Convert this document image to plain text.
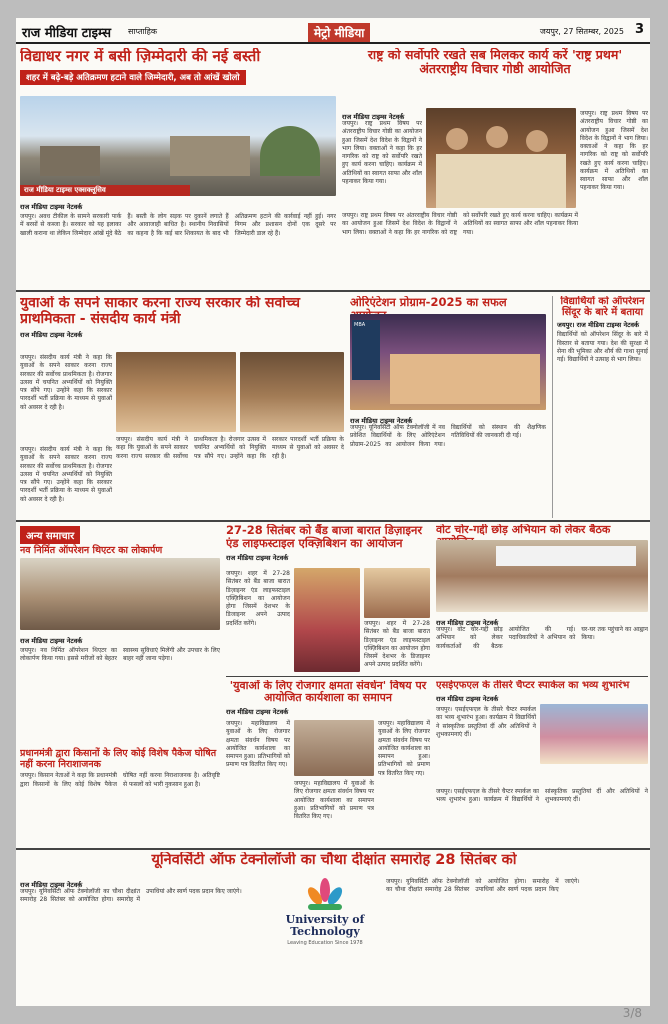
राज मीडिया टाइम्स साप्ताहिक	मेट्रो मीडिया	जयपुर, 27 सितम्बर, 2025 3
विद्याधर नगर में बसी ज़िम्मेदारी की नई बस्ती
शहर में बढ़े-बड़े अतिक्रमण हटाने वाले जिम्मेदारी, अब तो आंखें खोलो
राज मीडिया टाइम्स एक्सक्लूसिव
राज मीडिया टाइम्स नेटवर्क
जयपुर। अवध टीकील के सामने सरकारी पार्क में बरसों से कब्जा है। सरकार को यह इलाका खाली कराना था लेकिन जिम्मेदार आंखें मूंदे बैठे हैं। बस्ती के लोग सड़क पर दुकानें लगाते हैं और आवाजाही बाधित है। स्थानीय निवासियों का कहना है कि कई बार शिकायत के बाद भी अतिक्रमण हटाने की कार्रवाई नहीं हुई। नगर निगम और प्रशासन दोनों एक दूसरे पर जिम्मेदारी डाल रहे हैं।
राष्ट्र को सर्वोपरि रखते सब मिलकर कार्य करें 'राष्ट्र प्रथम' अंतरराष्ट्रीय विचार गोष्ठी आयोजित
राज मीडिया टाइम्स नेटवर्क
जयपुर। राष्ट्र प्रथम विषय पर अंतरराष्ट्रीय विचार गोष्ठी का आयोजन हुआ जिसमें देश विदेश के विद्वानों ने भाग लिया। वक्ताओं ने कहा कि हर नागरिक को राष्ट्र को सर्वोपरि रखते हुए कार्य करना चाहिए। कार्यक्रम में अतिथियों का स्वागत साफा और शॉल पहनाकर किया गया।
जयपुर। राष्ट्र प्रथम विषय पर अंतरराष्ट्रीय विचार गोष्ठी का आयोजन हुआ जिसमें देश विदेश के विद्वानों ने भाग लिया। वक्ताओं ने कहा कि हर नागरिक को राष्ट्र को सर्वोपरि रखते हुए कार्य करना चाहिए। कार्यक्रम में अतिथियों का स्वागत साफा और शॉल पहनाकर किया गया।
जयपुर। राष्ट्र प्रथम विषय पर अंतरराष्ट्रीय विचार गोष्ठी का आयोजन हुआ जिसमें देश विदेश के विद्वानों ने भाग लिया। वक्ताओं ने कहा कि हर नागरिक को राष्ट्र को सर्वोपरि रखते हुए कार्य करना चाहिए। कार्यक्रम में अतिथियों का स्वागत साफा और शॉल पहनाकर किया गया।
युवाओं के सपने साकार करना राज्य सरकार की सर्वोच्च प्राथमिकता - संसदीय कार्य मंत्री
राज मीडिया टाइम्स नेटवर्क
जयपुर। संसदीय कार्य मंत्री ने कहा कि युवाओं के सपने साकार करना राज्य सरकार की सर्वोच्च प्राथमिकता है। रोजगार उत्सव में चयनित अभ्यर्थियों को नियुक्ति पत्र सौंपे गए। उन्होंने कहा कि सरकार पारदर्शी भर्ती प्रक्रिया के माध्यम से युवाओं को अवसर दे रही है।
जयपुर। संसदीय कार्य मंत्री ने कहा कि युवाओं के सपने साकार करना राज्य सरकार की सर्वोच्च प्राथमिकता है। रोजगार उत्सव में चयनित अभ्यर्थियों को नियुक्ति पत्र सौंपे गए। उन्होंने कहा कि सरकार पारदर्शी भर्ती प्रक्रिया के माध्यम से युवाओं को अवसर दे रही है।
जयपुर। संसदीय कार्य मंत्री ने कहा कि युवाओं के सपने साकार करना राज्य सरकार की सर्वोच्च प्राथमिकता है। रोजगार उत्सव में चयनित अभ्यर्थियों को नियुक्ति पत्र सौंपे गए। उन्होंने कहा कि सरकार पारदर्शी भर्ती प्रक्रिया के माध्यम से युवाओं को अवसर दे रही है।
ओरिएंटेशन प्रोग्राम-2025 का सफल
MBA
राज मीडिया टाइम्स नेटवर्क
जयपुर। यूनिवर्सिटी ऑफ टेक्नोलॉजी में नव प्रवेशित विद्यार्थियों के लिए ओरिएंटेशन प्रोग्राम-2025 का आयोजन किया गया। विद्यार्थियों को संस्थान की शैक्षणिक गतिविधियों की जानकारी दी गई।
विद्यार्थियों को ऑपरेशन सिंदूर के बारे में बताया
जयपुर। राज मीडिया टाइम्स नेटवर्क
विद्यार्थियों को ऑपरेशन सिंदूर के बारे में विस्तार से बताया गया। देश की सुरक्षा में सेना की भूमिका और शौर्य की गाथा सुनाई गई। विद्यार्थियों ने उत्साह से भाग लिया।
अन्य समाचार
नव निर्मित ऑपरेशन थिएटर का लोकार्पण
राज मीडिया टाइम्स नेटवर्क
जयपुर। नव निर्मित ऑपरेशन थिएटर का लोकार्पण किया गया। इससे मरीजों को बेहतर स्वास्थ्य सुविधाएं मिलेंगी और उपचार के लिए बाहर नहीं जाना पड़ेगा।
प्रधानमंत्री द्वारा किसानों के लिए कोई विशेष पैकेज घोषित नहीं करना निराशाजनक
जयपुर। किसान नेताओं ने कहा कि प्रधानमंत्री द्वारा किसानों के लिए कोई विशेष पैकेज घोषित नहीं करना निराशाजनक है। अतिवृष्टि से फसलों को भारी नुकसान हुआ है।
27-28 सितंबर को बैंड बाजा बारात डिज़ाइनर एंड लाइफस्टाइल एक्ज़िबिशन का आयोजन
राज मीडिया टाइम्स नेटवर्क
जयपुर। शहर में 27-28 सितंबर को बैंड बाजा बारात डिज़ाइनर एंड लाइफस्टाइल एक्ज़िबिशन का आयोजन होगा जिसमें देशभर के डिजाइनर अपने उत्पाद प्रदर्शित करेंगे।	जयपुर। शहर में 27-28 सितंबर को बैंड बाजा बारात डिज़ाइनर एंड लाइफस्टाइल एक्ज़िबिशन का आयोजन होगा जिसमें देशभर के डिजाइनर अपने उत्पाद प्रदर्शित करेंगे।
वोट चोर-गद्दी छोड़ अभियान को लेकर बैठक
राज मीडिया टाइम्स नेटवर्क
जयपुर। वोट चोर-गद्दी छोड़ अभियान को लेकर कार्यकर्ताओं की बैठक आयोजित की गई। पदाधिकारियों ने अभियान को घर-घर तक पहुंचाने का आह्वान किया।
'युवाओं के लिए रोजगार क्षमता संवर्धन' विषय पर आयोजित कार्यशाला का समापन
राज मीडिया टाइम्स नेटवर्क
जयपुर। महाविद्यालय में युवाओं के लिए रोजगार क्षमता संवर्धन विषय पर आयोजित कार्यशाला का समापन हुआ। प्रतिभागियों को प्रमाण पत्र वितरित किए गए।
जयपुर। महाविद्यालय में युवाओं के लिए रोजगार क्षमता संवर्धन विषय पर आयोजित कार्यशाला का समापन हुआ। प्रतिभागियों को प्रमाण पत्र वितरित किए गए।
जयपुर। महाविद्यालय में युवाओं के लिए रोजगार क्षमता संवर्धन विषय पर आयोजित कार्यशाला का समापन हुआ। प्रतिभागियों को प्रमाण पत्र वितरित किए गए।
एसईएफएल के तीसरे चैप्टर स्पार्कल का भव्य शुभारंभ
राज मीडिया टाइम्स नेटवर्क
जयपुर। एसईएफएल के तीसरे चैप्टर स्पार्कल का भव्य शुभारंभ हुआ। कार्यक्रम में विद्यार्थियों ने सांस्कृतिक प्रस्तुतियां दीं और अतिथियों ने शुभकामनाएं दीं।
जयपुर। एसईएफएल के तीसरे चैप्टर स्पार्कल का भव्य शुभारंभ हुआ। कार्यक्रम में विद्यार्थियों ने सांस्कृतिक प्रस्तुतियां दीं और अतिथियों ने शुभकामनाएं दीं।
यूनिवर्सिटी ऑफ टेक्नोलॉजी का चौथा दीक्षांत समारोह 28 सितंबर को
राज मीडिया टाइम्स नेटवर्क
जयपुर। यूनिवर्सिटी ऑफ टेक्नोलॉजी का चौथा दीक्षांत समारोह 28 सितंबर को आयोजित होगा। समारोह में उपाधियां और स्वर्ण पदक प्रदान किए जाएंगे।
University of Technology
Leaving Education Since 1978
जयपुर। यूनिवर्सिटी ऑफ टेक्नोलॉजी का चौथा दीक्षांत समारोह 28 सितंबर को आयोजित होगा। समारोह में उपाधियां और स्वर्ण पदक प्रदान किए जाएंगे।
3/8
